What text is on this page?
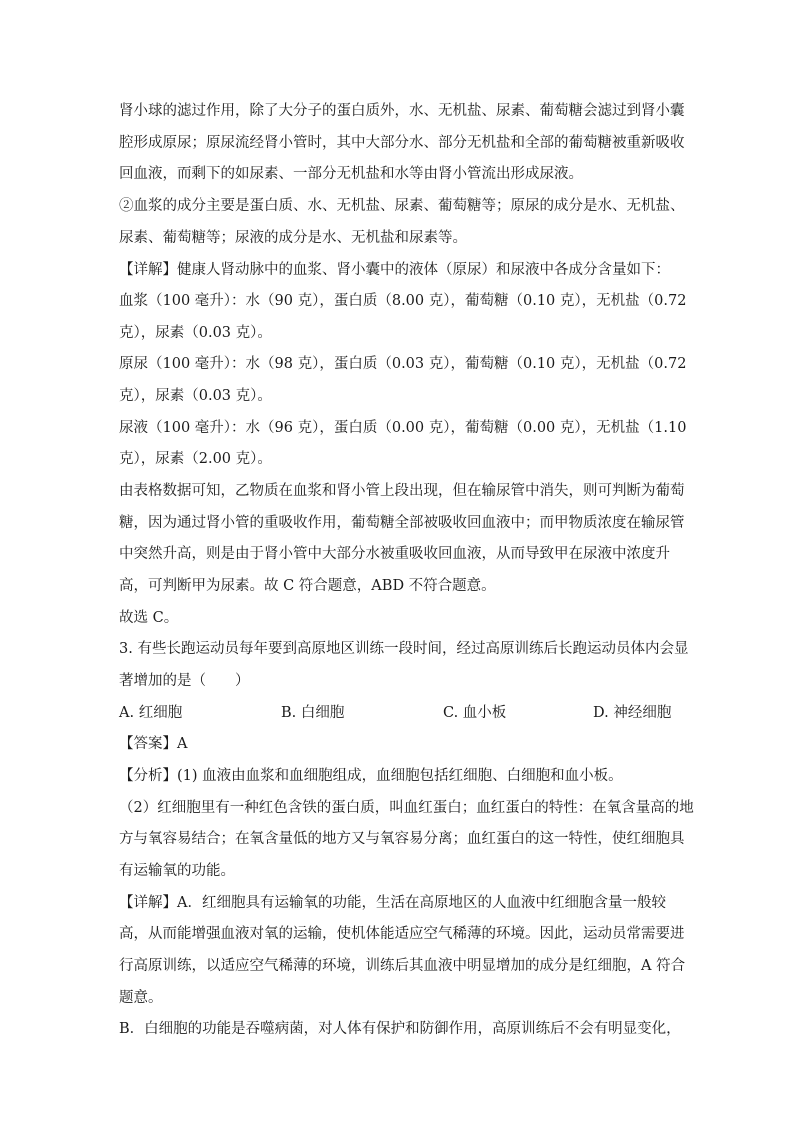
肾小球的滤过作用，除了大分子的蛋白质外，水、无机盐、尿素、葡萄糖会滤过到肾小囊
腔形成原尿；原尿流经肾小管时，其中大部分水、部分无机盐和全部的葡萄糖被重新吸收
回血液，而剩下的如尿素、一部分无机盐和水等由肾小管流出形成尿液。
②血浆的成分主要是蛋白质、水、无机盐、尿素、葡萄糖等；原尿的成分是水、无机盐、
尿素、葡萄糖等；尿液的成分是水、无机盐和尿素等。
【详解】健康人肾动脉中的血浆、肾小囊中的液体（原尿）和尿液中各成分含量如下：
血浆（100 毫升）：水（90 克），蛋白质（8.00 克），葡萄糖（0.10 克），无机盐（0.72
克），尿素（0.03 克）。
原尿（100 毫升）：水（98 克），蛋白质（0.03 克），葡萄糖（0.10 克），无机盐（0.72
克），尿素（0.03 克）。
尿液（100 毫升）：水（96 克），蛋白质（0.00 克），葡萄糖（0.00 克），无机盐（1.10
克），尿素（2.00 克）。
由表格数据可知，乙物质在血浆和肾小管上段出现，但在输尿管中消失，则可判断为葡萄
糖，因为通过肾小管的重吸收作用，葡萄糖全部被吸收回血液中；而甲物质浓度在输尿管
中突然升高，则是由于肾小管中大部分水被重吸收回血液，从而导致甲在尿液中浓度升
高，可判断甲为尿素。故 C 符合题意，ABD 不符合题意。
故选 C。
3. 有些长跑运动员每年要到高原地区训练一段时间，经过高原训练后长跑运动员体内会显
著增加的是（　　）
A. 红细胞	B. 白细胞	C. 血小板	D. 神经细胞
【答案】A
【分析】(1) 血液由血浆和血细胞组成，血细胞包括红细胞、白细胞和血小板。
（2）红细胞里有一种红色含铁的蛋白质，叫血红蛋白；血红蛋白的特性：在氧含量高的地
方与氧容易结合；在氧含量低的地方又与氧容易分离；血红蛋白的这一特性，使红细胞具
有运输氧的功能。
【详解】A．红细胞具有运输氧的功能，生活在高原地区的人血液中红细胞含量一般较
高，从而能增强血液对氧的运输，使机体能适应空气稀薄的环境。因此，运动员常需要进
行高原训练，以适应空气稀薄的环境，训练后其血液中明显增加的成分是红细胞，A 符合
题意。
B．白细胞的功能是吞噬病菌，对人体有保护和防御作用，高原训练后不会有明显变化，
